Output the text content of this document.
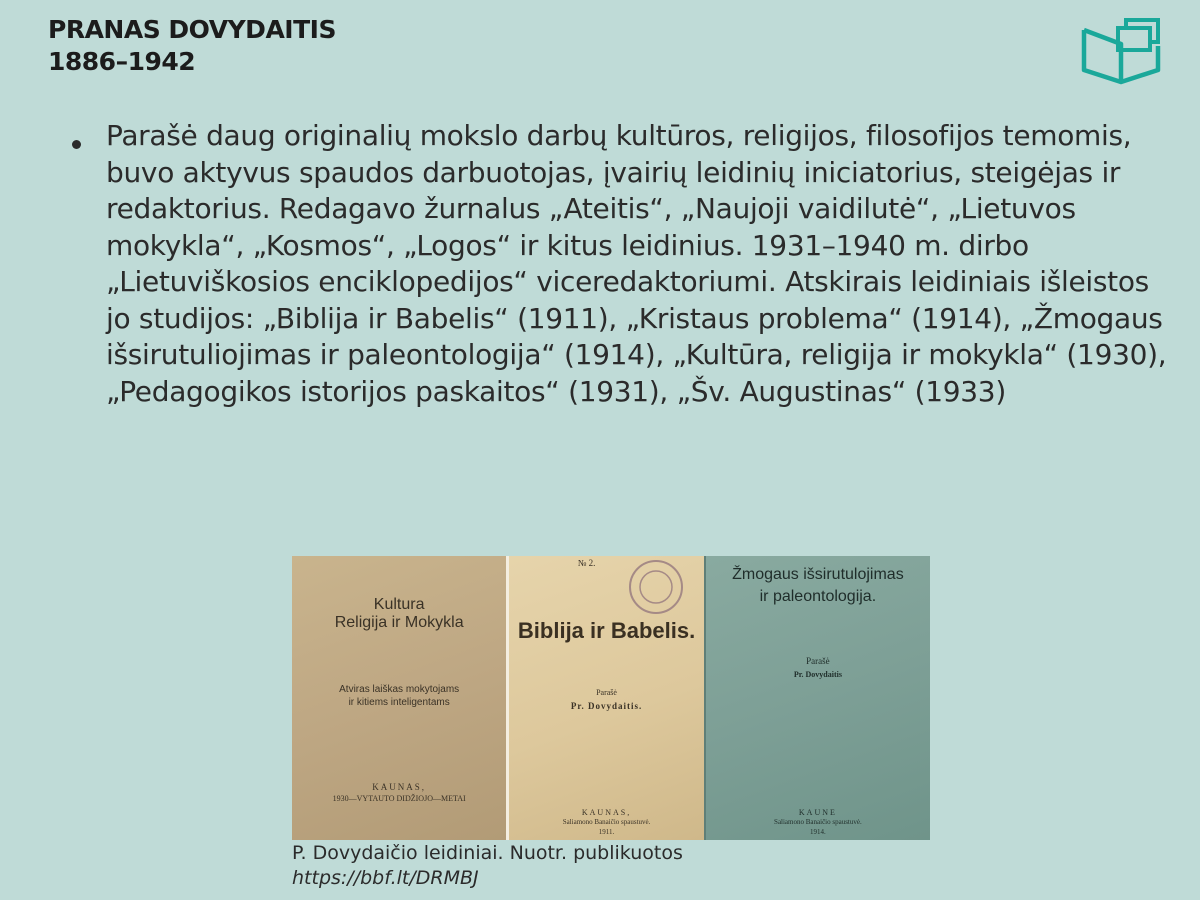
PRANAS DOVYDAITIS
1886–1942
Parašė daug originalių mokslo darbų kultūros, religijos, filosofijos temomis, buvo aktyvus spaudos darbuotojas, įvairių leidinių iniciatorius, steigėjas ir redaktorius. Redagavo žurnalus „Ateitis“, „Naujoji vaidilutė“, „Lietuvos mokykla“, „Kosmos“, „Logos“ ir kitus leidinius. 1931–1940 m. dirbo „Lietuviškosios enciklopedijos“ viceredaktoriumi. Atskirais leidiniais išleistos jo studijos: „Biblija ir Babelis“ (1911), „Kristaus problema“ (1914), „Žmogaus išsirutuliojimas ir paleontologija“ (1914), „Kultūra, religija ir mokykla“ (1930), „Pedagogikos istorijos paskaitos“ (1931), „Šv. Augustinas“ (1933)
Kultura
Religija ir Mokykla
Atviras laiškas mokytojams
ir kitiems inteligentams
KAUNAS,
1930—VYTAUTO DIDŽIOJO—METAI
№ 2.
Biblija ir Babelis.
Parašė
Pr. Dovydaitis.
KAUNAS,
Saliamono Banaičio spaustuvė.
1911.
Žmogaus išsirutulojimas
ir paleontologija.
Parašė
Pr. Dovydaitis
KAUNE
Saliamono Banaičio spaustuvė.
1914.
P. Dovydaičio leidiniai. Nuotr. publikuotos
https://bbf.lt/DRMBJ
